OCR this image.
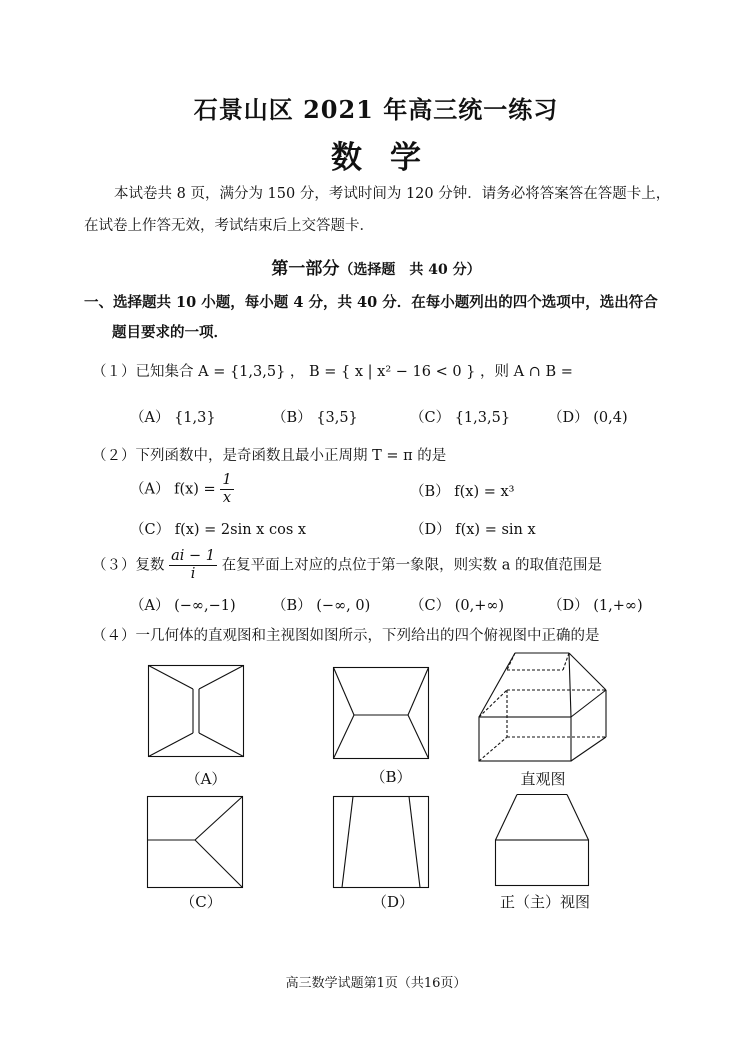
石景山区 2021 年高三统一练习
数学
本试卷共 8 页，满分为 150 分，考试时间为 120 分钟．请务必将答案答在答题卡上，
在试卷上作答无效，考试结束后上交答题卡．
第一部分（选择题　共 40 分）
一、选择题共 10 小题，每小题 4 分，共 40 分．在每小题列出的四个选项中，选出符合
题目要求的一项．
（１）已知集合 A = {1,3,5} ， B = { x | x² − 16 < 0 } ，则 A ∩ B =
（A） {1,3}	（B） {3,5}	（C） {1,3,5}	（D） (0,4)
（２）下列函数中，是奇函数且最小正周期 T = π 的是
（A） $f(x) = \frac{1}{x}$	（B） f(x) = x³
（C） f(x) = 2sin x cos x	（D） f(x) = sin x
（３）复数 $\frac{ai - 1}{i}$ 在复平面上对应的点位于第一象限，则实数 a 的取值范围是
（A） (−∞,−1)	（B） (−∞, 0)	（C） (0,+∞)	（D） (1,+∞)
（４）一几何体的直观图和主视图如图所示，下列给出的四个俯视图中正确的是
（A）	（B）	直观图
（C）	（D）	正（主）视图
高三数学试题第1页（共16页）
